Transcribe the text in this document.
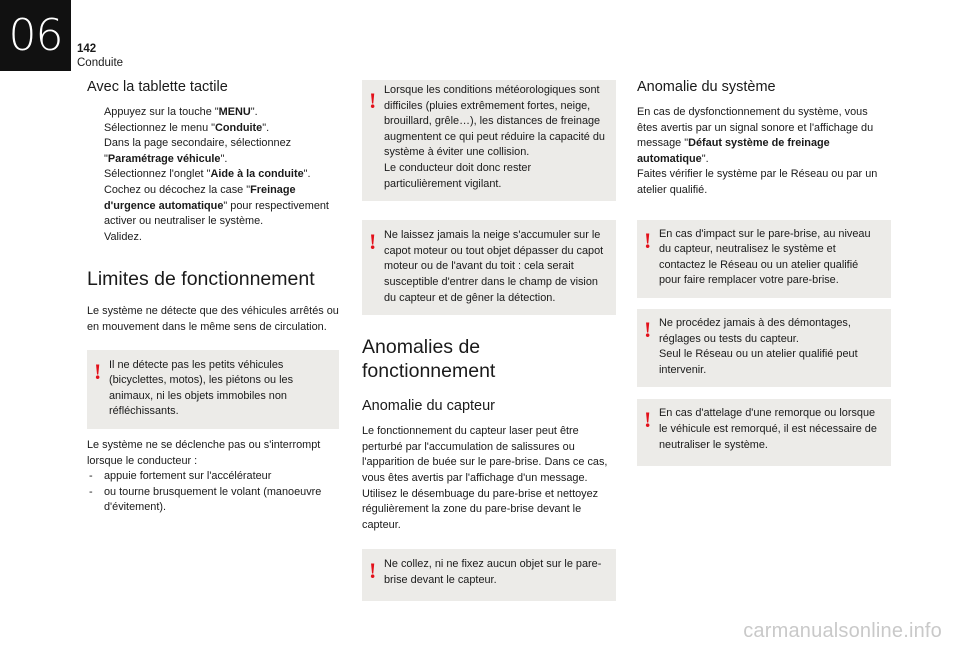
06	142
Conduite
Avec la tablette tactile
Appuyez sur la touche "MENU".
Sélectionnez le menu "Conduite".
Dans la page secondaire, sélectionnez "Paramétrage véhicule".
Sélectionnez l'onglet "Aide à la conduite".
Cochez ou décochez la case "Freinage d'urgence automatique" pour respectivement activer ou neutraliser le système.
Validez.
Limites de fonctionnement

Le système ne détecte que des véhicules arrêtés ou en mouvement dans le même sens de circulation.

! Il ne détecte pas les petits véhicules (bicyclettes, motos), les piétons ou les animaux, ni les objets immobiles non réfléchissants.

Le système ne se déclenche pas ou s'interrompt lorsque le conducteur :

- appuie fortement sur l'accélérateur
- ou tourne brusquement le volant (manoeuvre d'évitement).
! Lorsque les conditions météorologiques sont difficiles (pluies extrêmement fortes, neige, brouillard, grêle…), les distances de freinage augmentent ce qui peut réduire la capacité du système à éviter une collision.
Le conducteur doit donc rester particulièrement vigilant.

! Ne laissez jamais la neige s'accumuler sur le capot moteur ou tout objet dépasser du capot moteur ou de l'avant du toit : cela serait susceptible d'entrer dans le champ de vision du capteur et de gêner la détection.

Anomalies de fonctionnement
Anomalie du capteur

Le fonctionnement du capteur laser peut être perturbé par l'accumulation de salissures ou l'apparition de buée sur le pare-brise. Dans ce cas, vous êtes avertis par l'affichage d'un message.

Utilisez le désembuage du pare-brise et nettoyez régulièrement la zone du pare-brise devant le capteur.

! Ne collez, ni ne fixez aucun objet sur le pare-brise devant le capteur.

Anomalie du système

En cas de dysfonctionnement du système, vous êtes avertis par un signal sonore et l'affichage du message "Défaut système de freinage automatique".

Faites vérifier le système par le Réseau ou par un atelier qualifié.

! En cas d'impact sur le pare-brise, au niveau du capteur, neutralisez le système et contactez le Réseau ou un atelier qualifié pour faire remplacer votre pare-brise.

! Ne procédez jamais à des démontages, réglages ou tests du capteur.

Seul le Réseau ou un atelier qualifié peut intervenir.

! En cas d'attelage d'une remorque ou lorsque le véhicule est remorqué, il est nécessaire de neutraliser le système.

carmanualsonline.info
